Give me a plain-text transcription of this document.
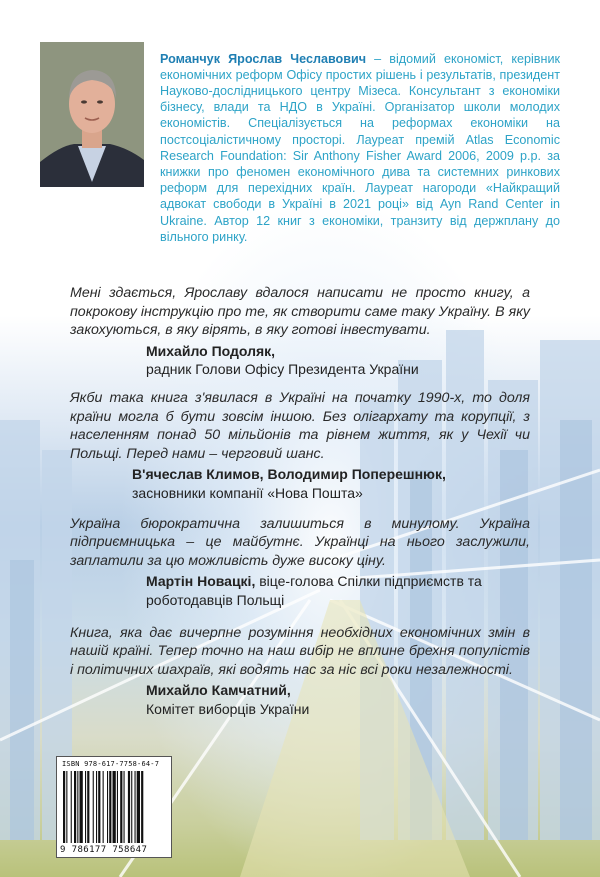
Романчук Ярослав Чеславович – відомий економіст, керівник економічних реформ Офісу простих рішень і результатів, президент Науково-дослідницького центру Мізеса. Консультант з економіки бізнесу, влади та НДО в Україні. Організатор школи молодих економістів. Спеціалізується на реформах економіки на постсоціалістичному просторі. Лауреат премій Atlas Economic Research Foundation: Sir Anthony Fisher Award 2006, 2009 р.р. за книжки про феномен економічного дива та системних ринкових реформ для перехідних країн. Лауреат нагороди «Найкращий адвокат свободи в Україні в 2021 році» від Ayn Rand Center in Ukraine. Автор 12 книг з економіки, транзиту від держплану до вільного ринку.

Мені здається, Ярославу вдалося написати не просто книгу, а покрокову інструкцію про те, як створити саме таку Україну. В яку закохуються, в яку вірять, в яку готові інвестувати.

Михайло Подоляк,
радник Голови Офісу Президента України

Якби така книга з'явилася в Україні на початку 1990-х, то доля країни могла б бути зовсім іншою. Без олігархату та корупції, з населенням понад 50 мільйонів та рівнем життя, як у Чехії чи Польщі. Перед нами – черговий шанс.

В'ячеслав Климов, Володимир Поперешнюк,
засновники компанії «Нова Пошта»

Україна бюрократична залишиться в минулому. Україна підприємницька – це майбутнє. Українці на нього заслужили, заплатили за цю можливість дуже високу ціну.

Мартін Новацкі, віце-голова Спілки підприємств та роботодавців Польщі

Книга, яка дає вичерпне розуміння необхідних економічних змін в нашій країні. Тепер точно на наш вибір не вплине брехня популістів і політичних шахраїв, які водять нас за ніс всі роки незалежності.

Михайло Камчатний,
Комітет виборців України
ISBN 978-617-7758-64-7
9 786177 758647
